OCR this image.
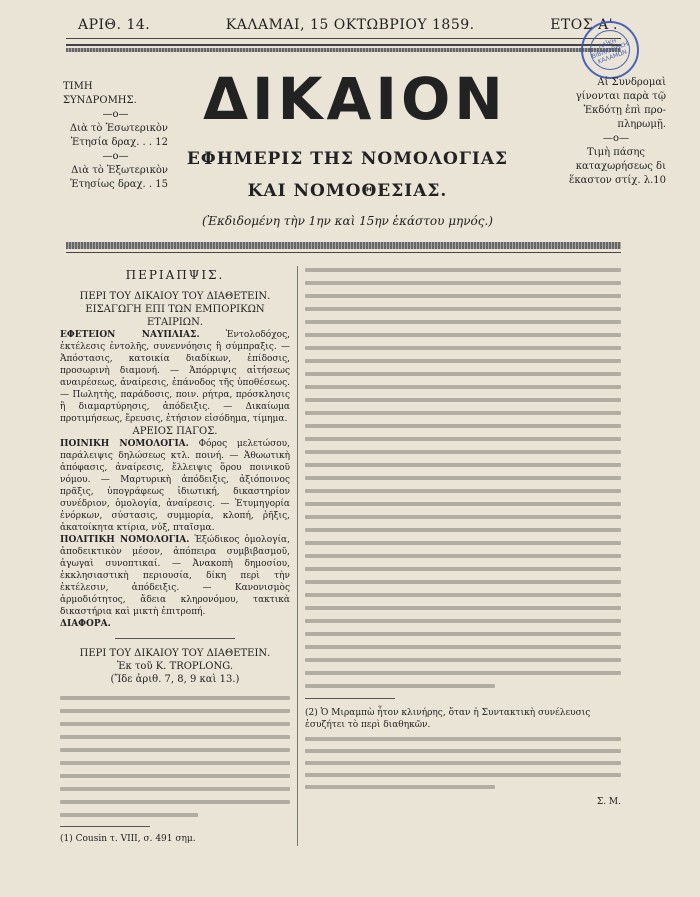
ΑΡΙΘ. 14.	ΚΑΛΑΜΑΙ, 15 ΟΚΤΩΒΡΙΟΥ 1859.	ΕΤΟΣ Α'.
ΛΑΪΚΗ ΒΙΒΛΙΟΘΗΚΗ ΚΑΛΑΜΩΝ
ΤΙΜΗ ΣΥΝΔΡΟΜΗΣ.
—o—
Διὰ τὸ Ἐσωτερικὸν
Ἐτησία δραχ. . . 12
—o—
Διὰ τὸ Ἐξωτερικὸν
Ἐτησίως δραχ. . 15
Αἱ Συνδρομαὶ
γίνονται παρὰ τῷ
Ἐκδότῃ ἐπὶ προ-
πληρωμῇ.
—o—
Τιμὴ πάσης
καταχωρήσεως δι
ἕκαστον στίχ. λ.10
ΔΙΚΑΙΟΝ
ΕΦΗΜΕΡΙΣ ΤΗΣ ΝΟΜΟΛΟΓΙΑΣ
ΚΑΙ ΝΟΜΟΘΕΣΙΑΣ.
(Ἐκδιδομένη τὴν 1ην καὶ 15ην ἑκάστου μηνός.)
ΠΕΡΙΑΠΨΙΣ.
ΠΕΡΙ ΤΟΥ ΔΙΚΑΙΟΥ ΤΟΥ ΔΙΑΘΕΤΕΙΝ.
ΕΙΣΑΓΩΓΗ ΕΠΙ ΤΩΝ ΕΜΠΟΡΙΚΩΝ ΕΤΑΙΡΙΩΝ.
ΕΦΕΤΕΙΟΝ ΝΑΥΠΛΙΑΣ.	Ἐντολοδόχος, ἐκτέλεσις ἐντολῆς, συνεννόησις ἢ σύμπραξις. — Ἀπόστασις, κατοικία διαδίκων, ἐπίδοσις, προσωρινὴ διαμονή. — Ἀπόρριψις αἰτήσεως αναιρέσεως, ἀναίρεσις, ἐπάνοδος τῆς ὑποθέσεως. — Πωλητὴς, παράδοσις, ποιν. ρήτρα, πρόσκλησις ἢ διαμαρτύρησις, ἀπόδειξις. — Δικαίωμα προτιμήσεως, ἔρευσις, ἐτήσιον εἰσόδημα, τίμημα.
ΑΡΕΙΟΣ ΠΑΓΟΣ.
ΠΟΙΝΙΚΗ ΝΟΜΟΛΟΓΙΑ. Φόρος μελετώσου, παράλειψις δηλώσεως κτλ. ποινή. — Ἀθωωτικὴ ἀπόφασις, ἀναίρεσις, ἔλλειψις ὅρου ποινικοῦ νόμου. — Μαρτυρικὴ ἀπόδειξις, ἀξιόποινος πρᾶξις, ὑπογράφεως ἰδιωτική, δικαστηρίον συνέδριον, ὁμολογία, ἀναίρεσις. — Ἐτυμηγορία ἐνόρκων, σύστασις, συμμορία, κλοπή, ῥῆξις, ἀκατοίκητα κτίρια, νύξ, πταῖσμα.
ΠΟΛΙΤΙΚΗ ΝΟΜΟΛΟΓΙΑ. Ἐξώδικος ὁμολογία, ἀποδεικτικὸν μέσον, ἀπόπειρα συμβιβασμοῦ, ἀγωγαὶ συνοπτικαί. — Ἀνακοπὴ δημοσίου, ἐκκλησιαστικὴ περιουσία, δίκη περὶ τὴν ἐκτέλεσιν, ἀπόδειξις. — Κανονισμὸς ἁρμοδιότητος, ἄδεια κληρονόμου, τακτικὰ δικαστήρια καὶ μικτὴ ἐπιτροπή.
ΔΙΑΦΟΡΑ.
ΠΕΡΙ ΤΟΥ ΔΙΚΑΙΟΥ ΤΟΥ ΔΙΑΘΕΤΕΙΝ.
Ἐκ τοῦ Κ. TROPLONG.
(Ἴδε ἀριθ. 7, 8, 9 καὶ 13.)
(1) Cousin τ. VIII, σ. 491 σημ.
(2) Ὁ Μιραμπὼ ἦτον κλινήρης, ὅταν ἡ Συντακτικὴ συνέλευσις ἐσυζήτει τὸ περὶ διαθηκῶν.
Σ. Μ.
